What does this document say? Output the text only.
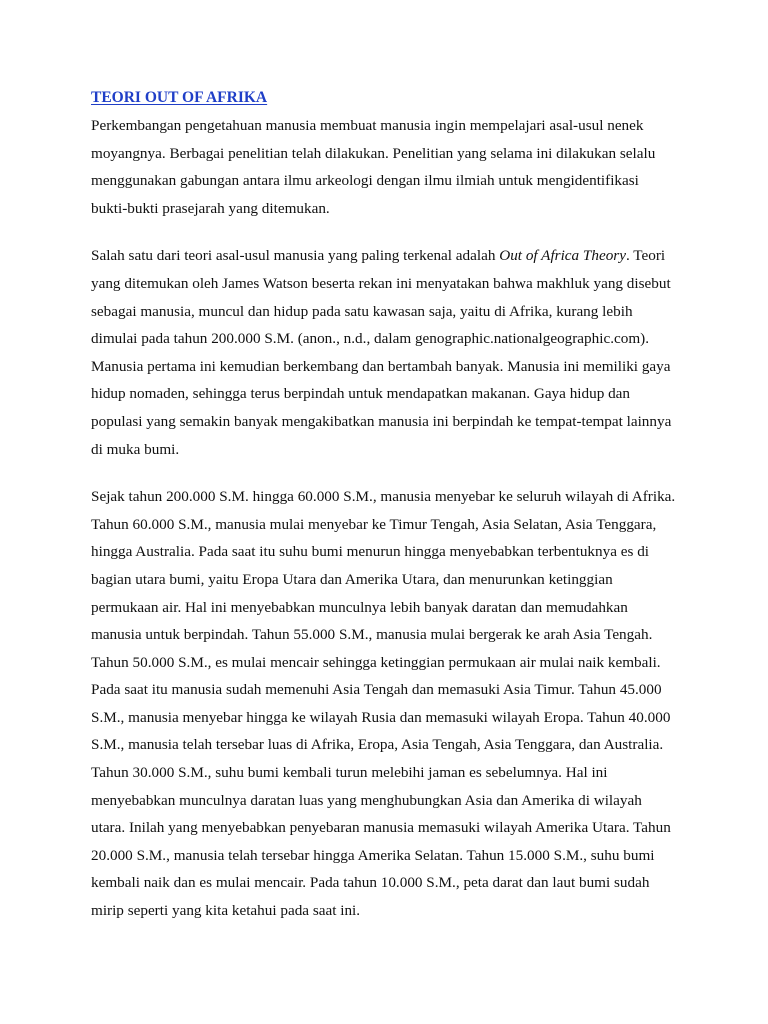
TEORI OUT OF AFRIKA

Perkembangan pengetahuan manusia membuat manusia ingin mempelajari asal-usul nenek moyangnya. Berbagai penelitian telah dilakukan. Penelitian yang selama ini dilakukan selalu menggunakan gabungan antara ilmu arkeologi dengan ilmu ilmiah untuk mengidentifikasi bukti-bukti prasejarah yang ditemukan.

Salah satu dari teori asal-usul manusia yang paling terkenal adalah Out of Africa Theory. Teori yang ditemukan oleh James Watson beserta rekan ini menyatakan bahwa makhluk yang disebut sebagai manusia, muncul dan hidup pada satu kawasan saja, yaitu di Afrika, kurang lebih dimulai pada tahun 200.000 S.M. (anon., n.d., dalam genographic.nationalgeographic.com). Manusia pertama ini kemudian berkembang dan bertambah banyak. Manusia ini memiliki gaya hidup nomaden, sehingga terus berpindah untuk mendapatkan makanan. Gaya hidup dan populasi yang semakin banyak mengakibatkan manusia ini berpindah ke tempat-tempat lainnya di muka bumi.

Sejak tahun 200.000 S.M. hingga 60.000 S.M., manusia menyebar ke seluruh wilayah di Afrika. Tahun 60.000 S.M., manusia mulai menyebar ke Timur Tengah, Asia Selatan, Asia Tenggara, hingga Australia. Pada saat itu suhu bumi menurun hingga menyebabkan terbentuknya es di bagian utara bumi, yaitu Eropa Utara dan Amerika Utara, dan menurunkan ketinggian permukaan air. Hal ini menyebabkan munculnya lebih banyak daratan dan memudahkan manusia untuk berpindah. Tahun 55.000 S.M., manusia mulai bergerak ke arah Asia Tengah. Tahun 50.000 S.M., es mulai mencair sehingga ketinggian permukaan air mulai naik kembali. Pada saat itu manusia sudah memenuhi Asia Tengah dan memasuki Asia Timur. Tahun 45.000 S.M., manusia menyebar hingga ke wilayah Rusia dan memasuki wilayah Eropa. Tahun 40.000 S.M., manusia telah tersebar luas di Afrika, Eropa, Asia Tengah, Asia Tenggara, dan Australia. Tahun 30.000 S.M., suhu bumi kembali turun melebihi jaman es sebelumnya. Hal ini menyebabkan munculnya daratan luas yang menghubungkan Asia dan Amerika di wilayah utara. Inilah yang menyebabkan penyebaran manusia memasuki wilayah Amerika Utara. Tahun 20.000 S.M., manusia telah tersebar hingga Amerika Selatan. Tahun 15.000 S.M., suhu bumi kembali naik dan es mulai mencair. Pada tahun 10.000 S.M., peta darat dan laut bumi sudah mirip seperti yang kita ketahui pada saat ini.
